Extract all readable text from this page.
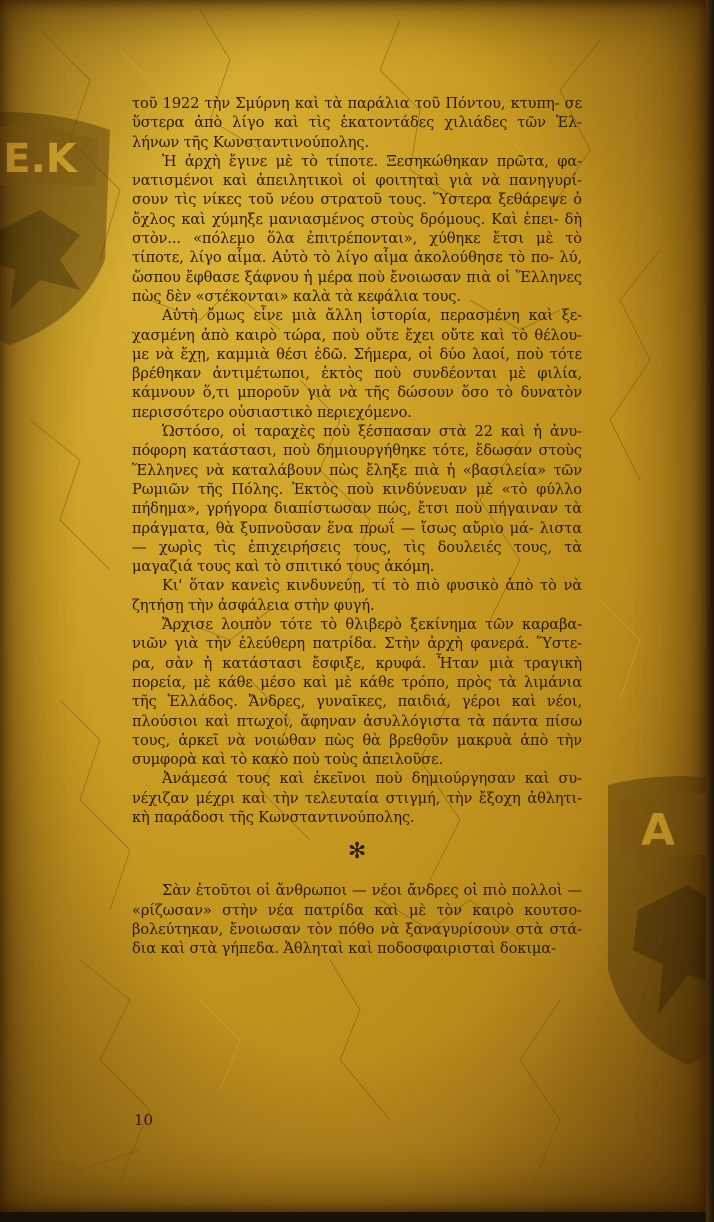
Ε.Κ
Α

τοῦ 1922 τὴν Σμύρνη καὶ τὰ παράλια τοῦ Πόντου, κτυπη- σε ὕστερα ἀπὸ λίγο καὶ τὶς ἑκατοντάδες χιλιάδες τῶν Ἑλ- λήνων τῆς Κωνσταντινούπολης.

Ἡ ἀρχὴ ἔγινε μὲ τὸ τίποτε. Ξεσηκώθηκαν πρῶτα, φα- νατισμένοι καὶ ἀπειλητικοὶ οἱ φοιτηταὶ γιὰ νὰ πανηγυρί- σουν τὶς νίκες τοῦ νέου στρατοῦ τους. Ὕστερα ξεθάρεψε ὁ ὄχλος καὶ χύμηξε μανιασμένος στοὺς δρόμους. Καὶ ἐπει- δὴ στὸν... «πόλεμο ὅλα ἐπιτρέπονται», χύθηκε ἔτσι μὲ τὸ τίποτε, λίγο αἷμα. Αὐτὸ τὸ λίγο αἷμα ἀκολούθησε τὸ πο- λύ, ὥσπου ἔφθασε ξάφνου ἡ μέρα ποὺ ἔνοιωσαν πιὰ οἱ Ἕλληνες πὼς δὲν «στέκονται» καλὰ τὰ κεφάλια τους.

Αὐτὴ ὅμως εἶνε μιὰ ἄλλη ἱστορία, περασμένη καὶ ξε- χασμένη ἀπὸ καιρὸ τώρα, ποὺ οὔτε ἔχει οὔτε καὶ τὸ θέλου- με νὰ ἔχῃ, καμμιὰ θέσι ἐδῶ. Σήμερα, οἱ δύο λαοί, ποὺ τότε βρέθηκαν ἀντιμέτωποι, ἐκτὸς ποὺ συνδέονται μὲ φιλία, κάμνουν ὅ,τι μποροῦν γιὰ νὰ τῆς δώσουν ὅσο τὸ δυνατὸν περισσότερο οὐσιαστικὸ περιεχόμενο.

Ὡστόσο, οἱ ταραχὲς ποὺ ξέσπασαν στὰ 22 καὶ ἡ ἀνυ- πόφορη κατάστασι, ποὺ δημιουργήθηκε τότε, ἔδωσαν στοὺς Ἕλληνες νὰ καταλάβουν πὼς ἔληξε πιὰ ἡ «βασιλεία» τῶν Ρωμιῶν τῆς Πόλης. Ἐκτὸς ποὺ κινδύνευαν μὲ «τὸ φύλλο πήδημα», γρήγορα διαπίστωσαν πώς, ἔτσι ποὺ πήγαιναν τὰ πράγματα, θὰ ξυπνοῦσαν ἕνα πρωΐ — ἴσως αὔριο μά- λιστα — χωρὶς τὶς ἐπιχειρήσεις τους, τὶς δουλειές τους, τὰ μαγαζιά τους καὶ τὸ σπιτικό τους ἀκόμη.

Κι' ὅταν κανεὶς κινδυνεύῃ, τί τὸ πιὸ φυσικὸ ἀπὸ τὸ νὰ ζητήσῃ τὴν ἀσφάλεια στὴν φυγή.

Ἄρχισε λοιπὸν τότε τὸ θλιβερὸ ξεκίνημα τῶν καραβα- νιῶν γιὰ τὴν ἐλεύθερη πατρίδα. Στὴν ἀρχὴ φανερά. Ὕστε- ρα, σὰν ἡ κατάστασι ἔσφιξε, κρυφά. Ἦταν μιὰ τραγικὴ πορεία, μὲ κάθε μέσο καὶ μὲ κάθε τρόπο, πρὸς τὰ λιμάνια τῆς Ἑλλάδος. Ἄνδρες, γυναῖκες, παιδιά, γέροι καὶ νέοι, πλούσιοι καὶ πτωχοί, ἄφηναν ἀσυλλόγιστα τὰ πάντα πίσω τους, ἀρκεῖ νὰ νοιώθαν πὼς θὰ βρεθοῦν μακρυὰ ἀπὸ τὴν συμφορὰ καὶ τὸ κακὸ ποὺ τοὺς ἀπειλοῦσε.

Ἀνάμεσά τους καὶ ἐκεῖνοι ποὺ δημιούργησαν καὶ συ- νέχιζαν μέχρι καὶ τὴν τελευταία στιγμή, τὴν ἔξοχη ἀθλητι- κὴ παράδοσι τῆς Κωνσταντινούπολης.

✻

Σὰν ἐτοῦτοι οἱ ἄνθρωποι — νέοι ἄνδρες οἱ πιὸ πολλοὶ — «ρίζωσαν» στὴν νέα πατρίδα καὶ μὲ τὸν καιρὸ κουτσο- βολεύτηκαν, ἔνοιωσαν τὸν πόθο νὰ ξαναγυρίσουν στὰ στά- δια καὶ στὰ γήπεδα. Ἀθληταὶ καὶ ποδοσφαιρισταὶ δοκιμα-

10
